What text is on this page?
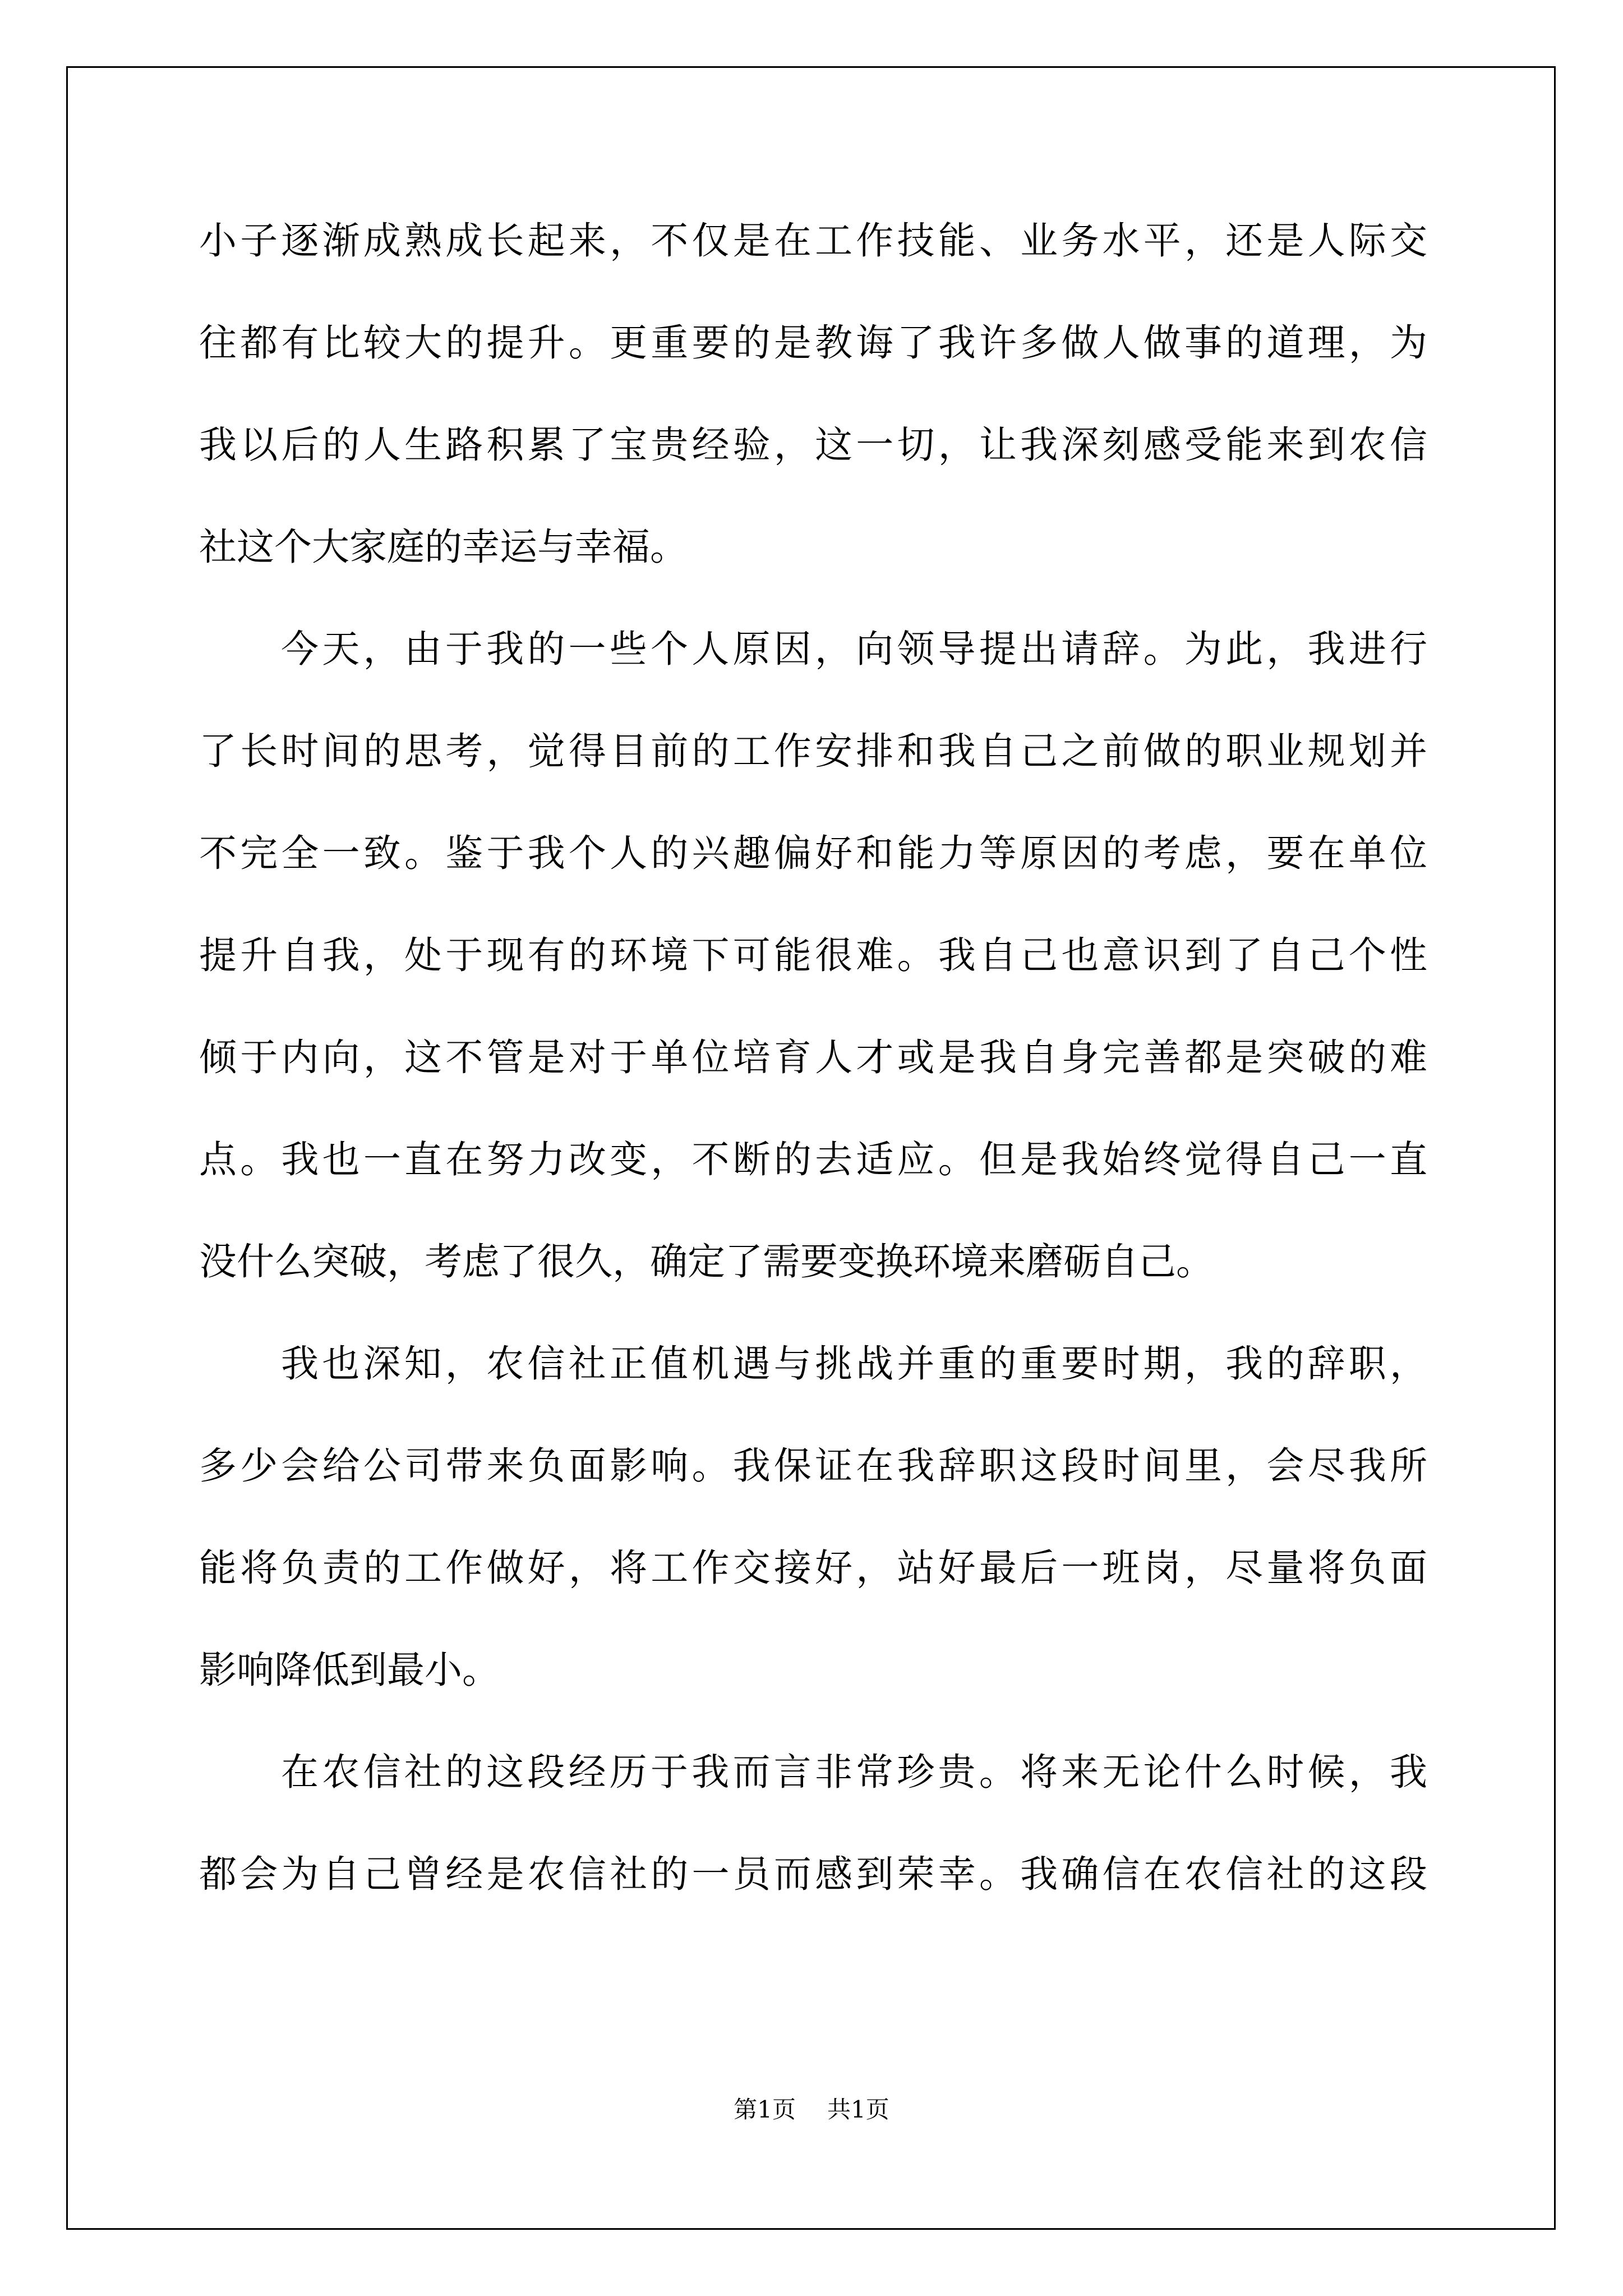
小子逐渐成熟成长起来，不仅是在工作技能、业务水平，还是人际交
往都有比较大的提升。更重要的是教诲了我许多做人做事的道理，为
我以后的人生路积累了宝贵经验，这一切，让我深刻感受能来到农信
社这个大家庭的幸运与幸福。
今天，由于我的一些个人原因，向领导提出请辞。为此，我进行
了长时间的思考，觉得目前的工作安排和我自己之前做的职业规划并
不完全一致。鉴于我个人的兴趣偏好和能力等原因的考虑，要在单位
提升自我，处于现有的环境下可能很难。我自己也意识到了自己个性
倾于内向，这不管是对于单位培育人才或是我自身完善都是突破的难
点。我也一直在努力改变，不断的去适应。但是我始终觉得自己一直
没什么突破，考虑了很久，确定了需要变换环境来磨砺自己。
我也深知，农信社正值机遇与挑战并重的重要时期，我的辞职，
多少会给公司带来负面影响。我保证在我辞职这段时间里，会尽我所
能将负责的工作做好，将工作交接好，站好最后一班岗，尽量将负面
影响降低到最小。
在农信社的这段经历于我而言非常珍贵。将来无论什么时候，我
都会为自己曾经是农信社的一员而感到荣幸。我确信在农信社的这段
第1页 共1页
